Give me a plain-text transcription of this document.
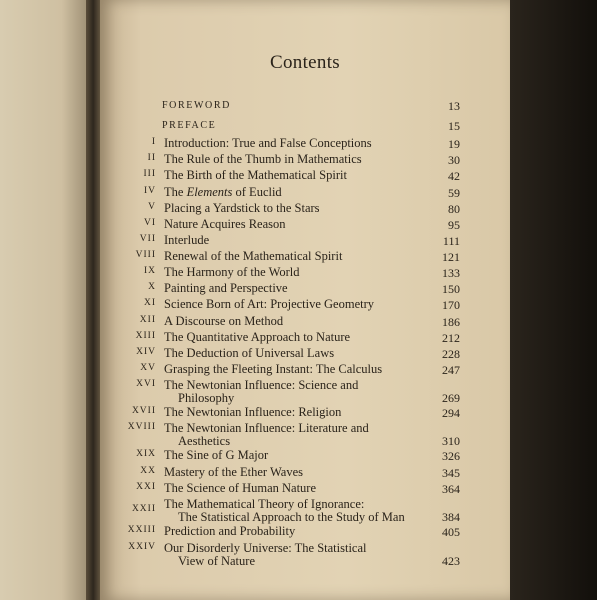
Contents
FOREWORD	13
PREFACE	15
I Introduction: True and False Conceptions	19
II The Rule of the Thumb in Mathematics	30
III The Birth of the Mathematical Spirit	42
IV The Elements of Euclid	59
V Placing a Yardstick to the Stars	80
VI Nature Acquires Reason	95
VII Interlude	111
VIII Renewal of the Mathematical Spirit	121
IX The Harmony of the World	133
X Painting and Perspective	150
XI Science Born of Art: Projective Geometry	170
XII A Discourse on Method	186
XIII The Quantitative Approach to Nature	212
XIV The Deduction of Universal Laws	228
XV Grasping the Fleeting Instant: The Calculus	247
XVI The Newtonian Influence: Science and
Philosophy	269
XVII The Newtonian Influence: Religion	294
XVIII The Newtonian Influence: Literature and
Aesthetics	310
XIX The Sine of G Major	326
XX Mastery of the Ether Waves	345
XXI The Science of Human Nature	364
XXII The Mathematical Theory of Ignorance:
The Statistical Approach to the Study of Man	384
XXIII Prediction and Probability	405
XXIV Our Disorderly Universe: The Statistical
View of Nature	423
